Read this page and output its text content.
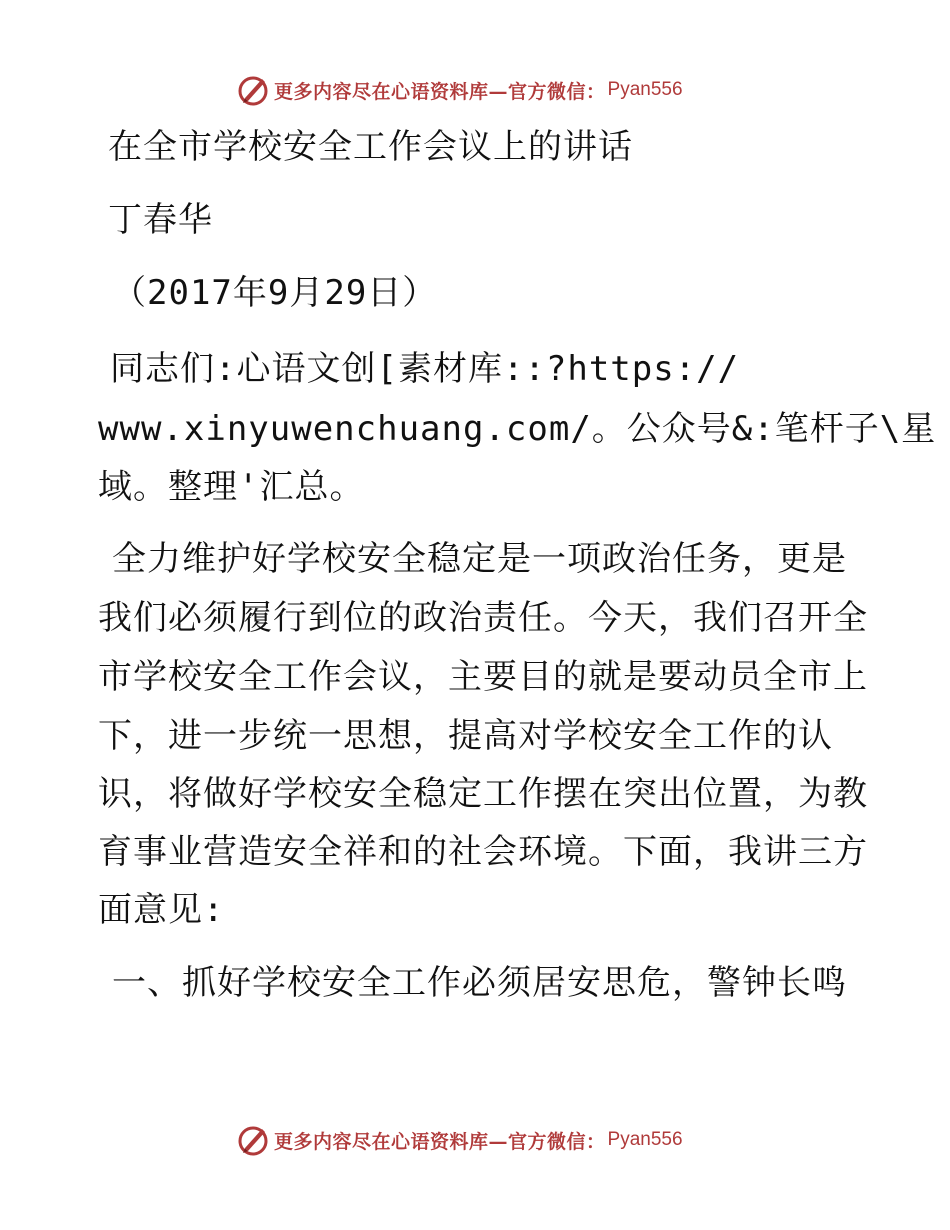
更多内容尽在心语资料库—官方微信： Pyan556

在全市学校安全工作会议上的讲话

丁春华

（2017年9月29日）

同志们:心语文创[素材库::?https://

www.xinyuwenchuang.com/。公众号&:笔杆子\星

域。整理'汇总。

全力维护好学校安全稳定是一项政治任务，更是

我们必须履行到位的政治责任。今天，我们召开全

市学校安全工作会议，主要目的就是要动员全市上

下，进一步统一思想，提高对学校安全工作的认

识，将做好学校安全稳定工作摆在突出位置，为教

育事业营造安全祥和的社会环境。下面，我讲三方

面意见:

一、抓好学校安全工作必须居安思危，警钟长鸣

更多内容尽在心语资料库—官方微信： Pyan556
